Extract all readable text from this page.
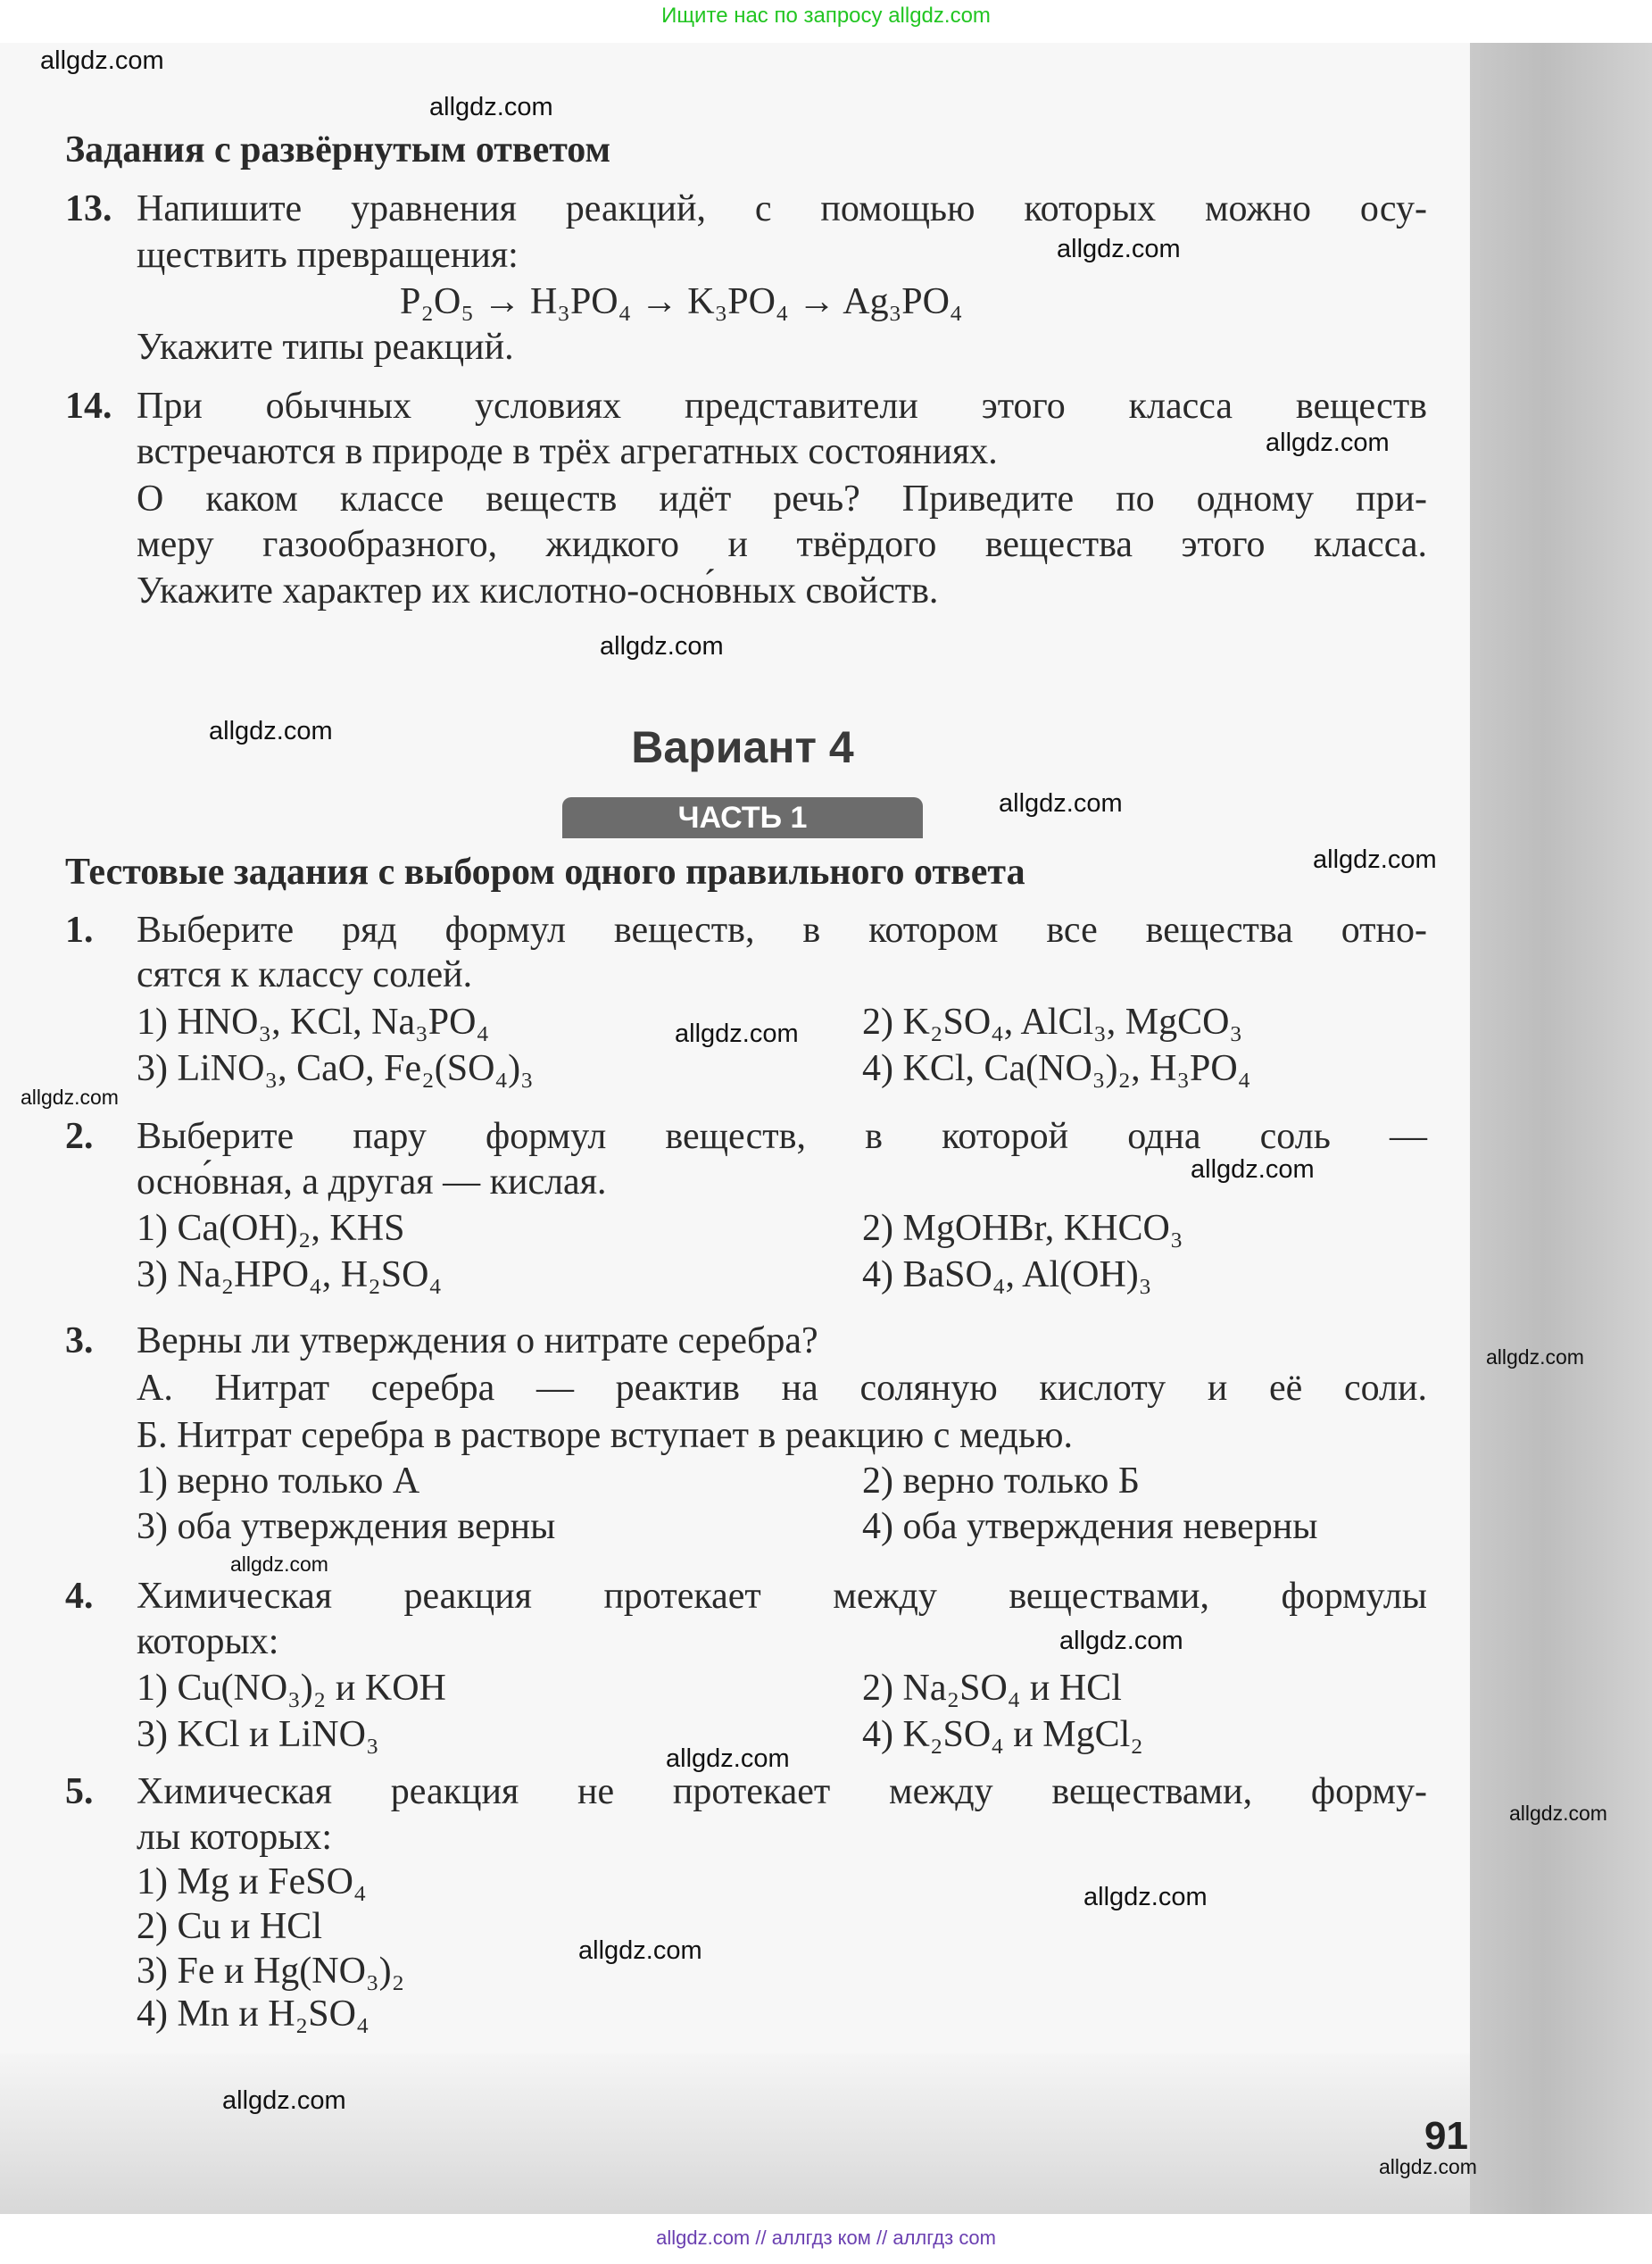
Ищите нас по запросу allgdz.com
Задания с развёрнутым ответом
13. Напишите уравнения реакций, с помощью которых можно осу-
ществить превращения:
P₂O₅ → H₃PO₄ → K₃PO₄ → Ag₃PO₄
Укажите типы реакций.
14. При обычных условиях представители этого класса веществ
встречаются в природе в трёх агрегатных состояниях.
О каком классе веществ идёт речь? Приведите по одному при-
меру газообразного, жидкого и твёрдого вещества этого класса.
Укажите характер их кислотно-осно́вных свойств.
Вариант 4
ЧАСТЬ 1
Тестовые задания с выбором одного правильного ответа
1. Выберите ряд формул веществ, в котором все вещества отно-
сятся к классу солей.
1) HNO₃, KCl, Na₃PO₄	2) K₂SO₄, AlCl₃, MgCO₃
3) LiNO₃, CaO, Fe₂(SO₄)₃	4) KCl, Ca(NO₃)₂, H₃PO₄
2. Выберите пару формул веществ, в которой одна соль —
осно́вная, а другая — кислая.
1) Ca(OH)₂, KHS	2) MgOHBr, KHCO₃
3) Na₂HPO₄, H₂SO₄	4) BaSO₄, Al(OH)₃
3. Верны ли утверждения о нитрате серебра?
А. Нитрат серебра — реактив на соляную кислоту и её соли.
Б. Нитрат серебра в растворе вступает в реакцию с медью.
1) верно только А	2) верно только Б
3) оба утверждения верны	4) оба утверждения неверны
4. Химическая реакция протекает между веществами, формулы
которых:
1) Cu(NO₃)₂ и KOH	2) Na₂SO₄ и HCl
3) KCl и LiNO₃	4) K₂SO₄ и MgCl₂
5. Химическая реакция не протекает между веществами, форму-
лы которых:
1) Mg и FeSO₄
2) Cu и HCl
3) Fe и Hg(NO₃)₂
4) Mn и H₂SO₄
91
allgdz.com
allgdz.com
allgdz.com
allgdz.com
allgdz.com
allgdz.com
allgdz.com
allgdz.com
allgdz.com
allgdz.com
allgdz.com
allgdz.com
allgdz.com
allgdz.com
allgdz.com
allgdz.com
allgdz.com
allgdz.com
allgdz.com
allgdz.com
allgdz.com // аллгдз ком // аллгдз com
